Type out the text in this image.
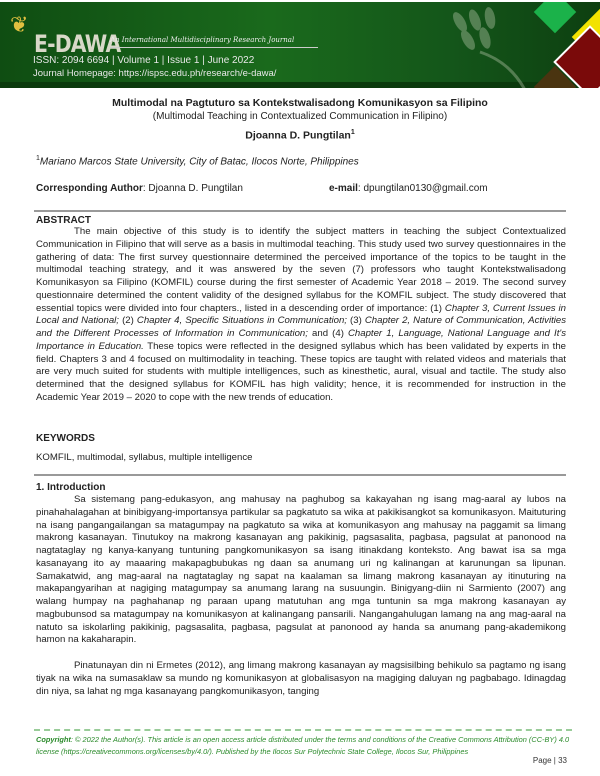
❦
E-DAWA
An International Multidisciplinary Research Journal
ISSN: 2094 6694 | Volume 1 | Issue 1 | June 2022
Journal Homepage: https://ispsc.edu.ph/research/e-dawa/
Multimodal na Pagtuturo sa Kontekstwalisadong Komunikasyon sa Filipino
(Multimodal Teaching in Contextualized Communication in Filipino)
Djoanna D. Pungtilan$^1$
$^1$Mariano Marcos State University, City of Batac, Ilocos Norte, Philippines
Corresponding Author: Djoanna D. Pungtilan	e-mail: dpungtilan0130@gmail.com
ABSTRACT
The main objective of this study is to identify the subject matters in teaching the subject Contextualized Communication in Filipino that will serve as a basis in multimodal teaching. This study used two survey questionnaires in the gathering of data: The first survey questionnaire determined the perceived importance of the topics to be taught in the multimodal teaching strategy, and it was answered by the seven (7) professors who taught Kontekstwalisadong Komunikasyon sa Filipino (KOMFIL) course during the first semester of Academic Year 2018 – 2019. The second survey questionnaire determined the content validity of the designed syllabus for the KOMFIL subject. The study discovered that essential topics were divided into four chapters., listed in a descending order of importance: (1) Chapter 3, Current Issues in Local and National; (2) Chapter 4, Specific Situations in Communication; (3) Chapter 2, Nature of Communication, Activities and the Different Processes of Information in Communication; and (4) Chapter 1, Language, National Language and It's Importance in Education. These topics were reflected in the designed syllabus which has been validated by experts in the field. Chapters 3 and 4 focused on multimodality in teaching. These topics are taught with related videos and materials that are very much suited for students with multiple intelligences, such as kinesthetic, aural, visual and tactile. The study also determined that the designed syllabus for KOMFIL has high validity; hence, it is recommended for instruction in the Academic Year 2019 – 2020 to cope with the new trends of education.
KEYWORDS
KOMFIL, multimodal, syllabus, multiple intelligence
1. Introduction
Sa sistemang pang-edukasyon, ang mahusay na paghubog sa kakayahan ng isang mag-aaral ay lubos na pinahahalagahan at binibigyang-importansya partikular sa pagkatuto sa wika at pakikisangkot sa komunikasyon. Maituturing na isang pangangailangan sa matagumpay na pagkatuto sa wika at komunikasyon ang mahusay na paggamit sa limang makrong kasanayan. Tinutukoy na makrong kasanayan ang pakikinig, pagsasalita, pagbasa, pagsulat at panonood na nagtataglay ng kanya-kanyang tuntuning pangkomunikasyon sa isang itinakdang konteksto. Ang bawat isa sa mga kasanayang ito ay maaaring makapagbubukas ng daan sa anumang uri ng kalinangan at karunungan sa lipunan. Samakatwid, ang mag-aaral na nagtataglay ng sapat na kaalaman sa limang makrong kasanayan ay itinuturing na makapangyarihan at nagiging matagumpay sa anumang larang na susuungin. Binigyang-diin ni Sarmiento (2007) ang walang humpay na paghahanap ng paraan upang matutuhan ang mga tuntunin sa mga makrong kasanayan ay magbubunsod sa matagumpay na komunikasyon at kalinangang pansarili. Nangangahulugan lamang na ang mag-aaral na natuto sa iskolarling pakikinig, pagsasalita, pagbasa, pagsulat at panonood ay handa sa anumang pang-akademikong hamon na kakaharapin.
Pinatunayan din ni Ermetes (2012), ang limang makrong kasanayan ay magsisilbing behikulo sa pagtamo ng isang tiyak na wika na sumasaklaw sa mundo ng komunikasyon at globalisasyon na magiging daluyan ng pagbabago. Idinagdag din niya, sa lahat ng mga kasanayang pangkomunikasyon, tanging
Copyright: © 2022 the Author(s). This article is an open access article distributed under the terms and conditions of the Creative Commons Attribution (CC-BY) 4.0 license (https://creativecommons.org/licenses/by/4.0/). Published by the Ilocos Sur Polytechnic State College, Ilocos Sur, Philippines
Page | 33
